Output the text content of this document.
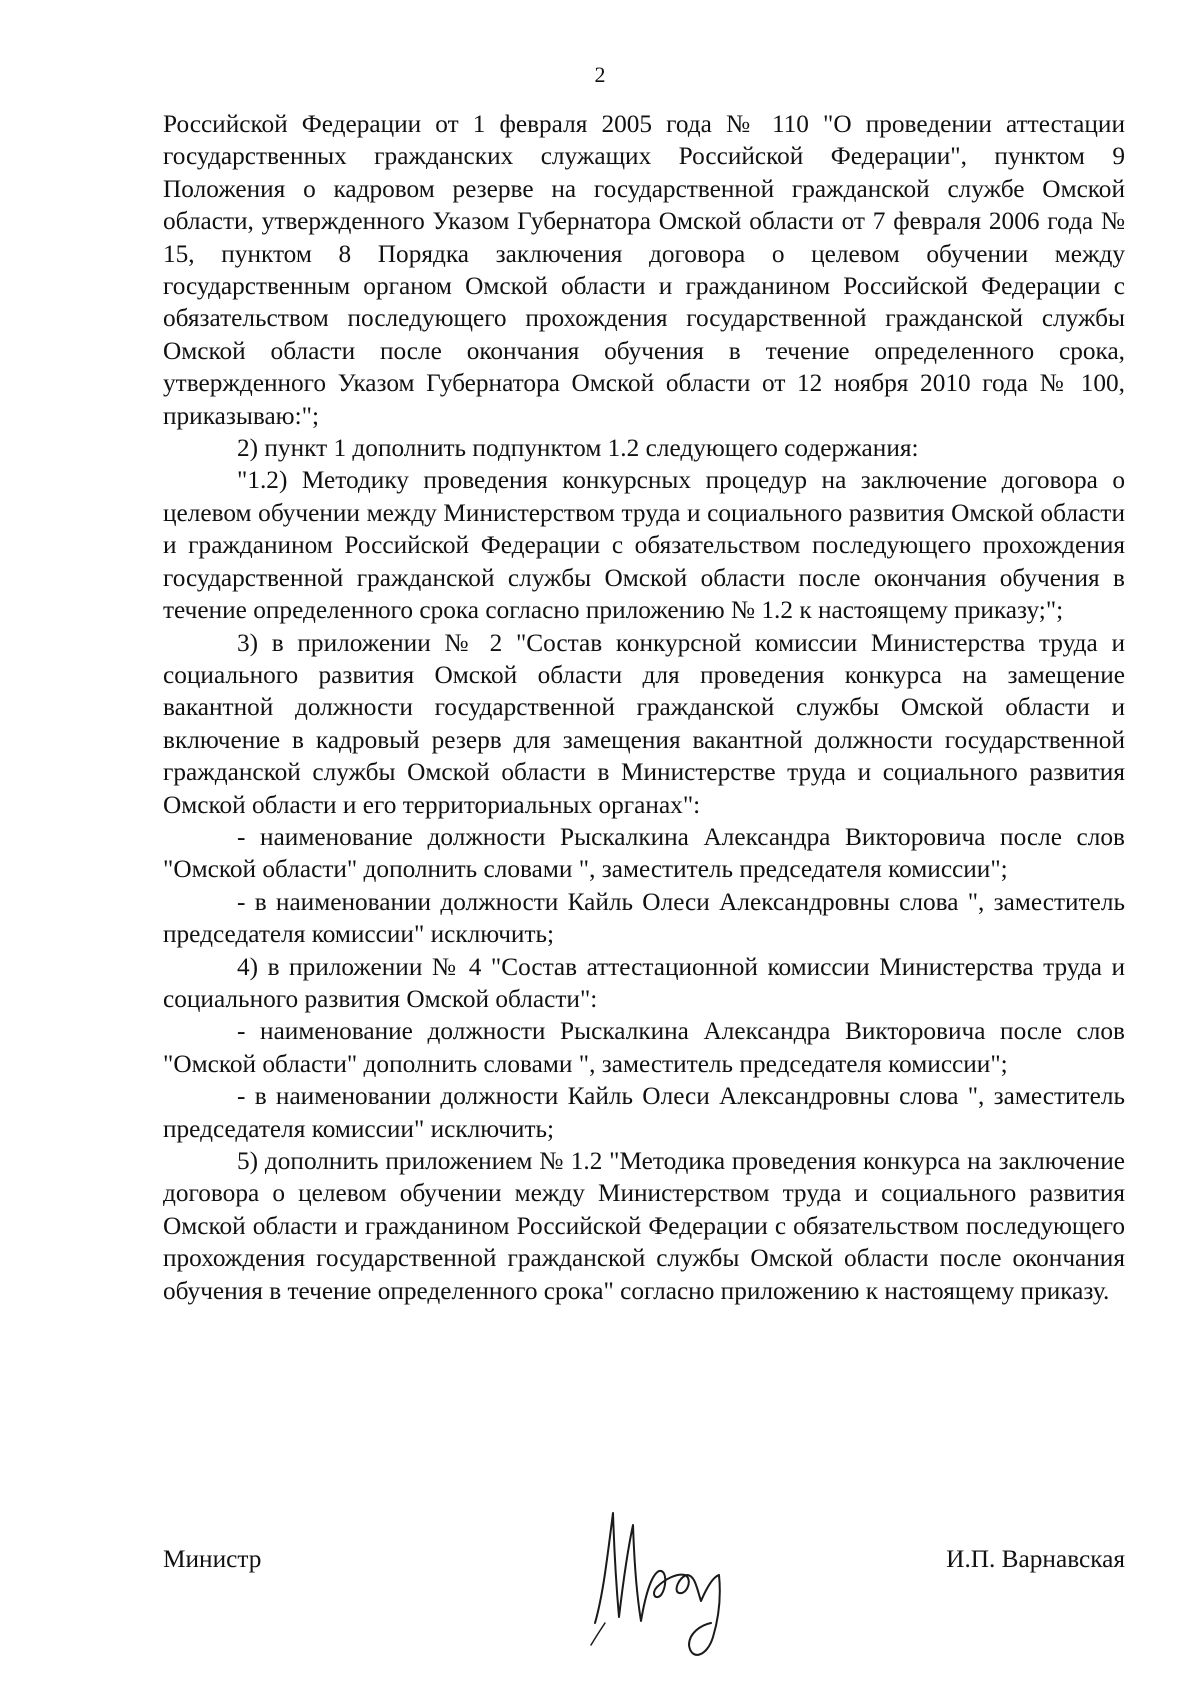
2

Российской Федерации от 1 февраля 2005 года № 110 "О проведении аттестации государственных гражданских служащих Российской Федерации", пунктом 9 Положения о кадровом резерве на государственной гражданской службе Омской области, утвержденного Указом Губернатора Омской области от 7 февраля 2006 года № 15, пунктом 8 Порядка заключения договора о целевом обучении между государственным органом Омской области и гражданином Российской Федерации с обязательством последующего прохождения государственной гражданской службы Омской области после окончания обучения в течение определенного срока, утвержденного Указом Губернатора Омской области от 12 ноября 2010 года № 100, приказываю:";

2) пункт 1 дополнить подпунктом 1.2 следующего содержания:

"1.2) Методику проведения конкурсных процедур на заключение договора о целевом обучении между Министерством труда и социального развития Омской области и гражданином Российской Федерации с обязательством последующего прохождения государственной гражданской службы Омской области после окончания обучения в течение определенного срока согласно приложению № 1.2 к настоящему приказу;";

3) в приложении № 2 "Состав конкурсной комиссии Министерства труда и социального развития Омской области для проведения конкурса на замещение вакантной должности государственной гражданской службы Омской области и включение в кадровый резерв для замещения вакантной должности государственной гражданской службы Омской области в Министерстве труда и социального развития Омской области и его территориальных органах":

- наименование должности Рыскалкина Александра Викторовича после слов "Омской области" дополнить словами ", заместитель председателя комиссии";

- в наименовании должности Кайль Олеси Александровны слова ", заместитель председателя комиссии" исключить;

4) в приложении № 4 "Состав аттестационной комиссии Министерства труда и социального развития Омской области":

- наименование должности Рыскалкина Александра Викторовича после слов "Омской области" дополнить словами ", заместитель председателя комиссии";

- в наименовании должности Кайль Олеси Александровны слова ", заместитель председателя комиссии" исключить;

5) дополнить приложением № 1.2 "Методика проведения конкурса на заключение договора о целевом обучении между Министерством труда и социального развития Омской области и гражданином Российской Федерации с обязательством последующего прохождения государственной гражданской службы Омской области после окончания обучения в течение определенного срока" согласно приложению к настоящему приказу.

Министр	И.П. Варнавская
